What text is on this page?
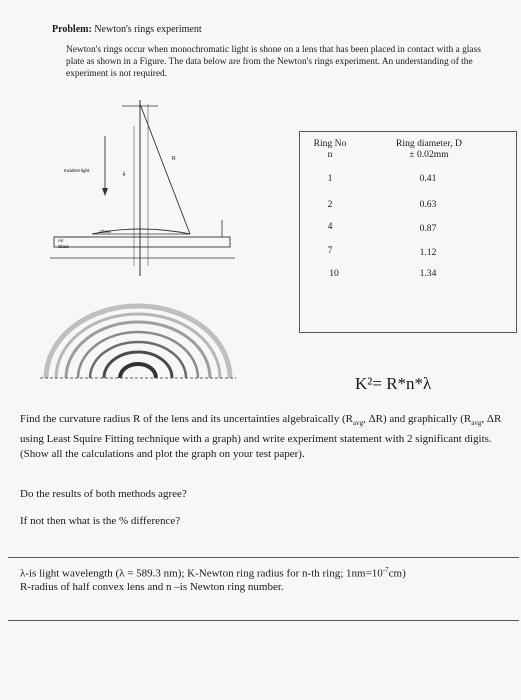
Problem: Newton's rings experiment
Newton's rings occur when monochromatic light is shone on a lens that has been placed in contact with a glass plate as shown in a Figure. The data below are from the Newton's rings experiment. An understanding of the experiment is not required.
Incident light
R
dn
Glass
Air
Glass
Ring No
n
Ring diameter, D
± 0.02mm
1	0.41
2	0.63
4	0.87
7	1.12
10	1.34
K²= R*n*λ
Find the curvature radius R of the lens and its uncertainties algebraically ($R_{avg}$, ΔR) and graphically ($R_{avg}$, ΔR using Least Squire Fitting technique with a graph) and write experiment statement with 2 significant digits. (Show all the calculations and plot the graph on your test paper).
Do the results of both methods agree?
If not then what is the % difference?
λ-is light wavelength (λ = 589.3 nm); K-Newton ring radius for n-th ring; $1nm=10^{-7}cm$)
R-radius of half convex lens and n –is Newton ring number.
